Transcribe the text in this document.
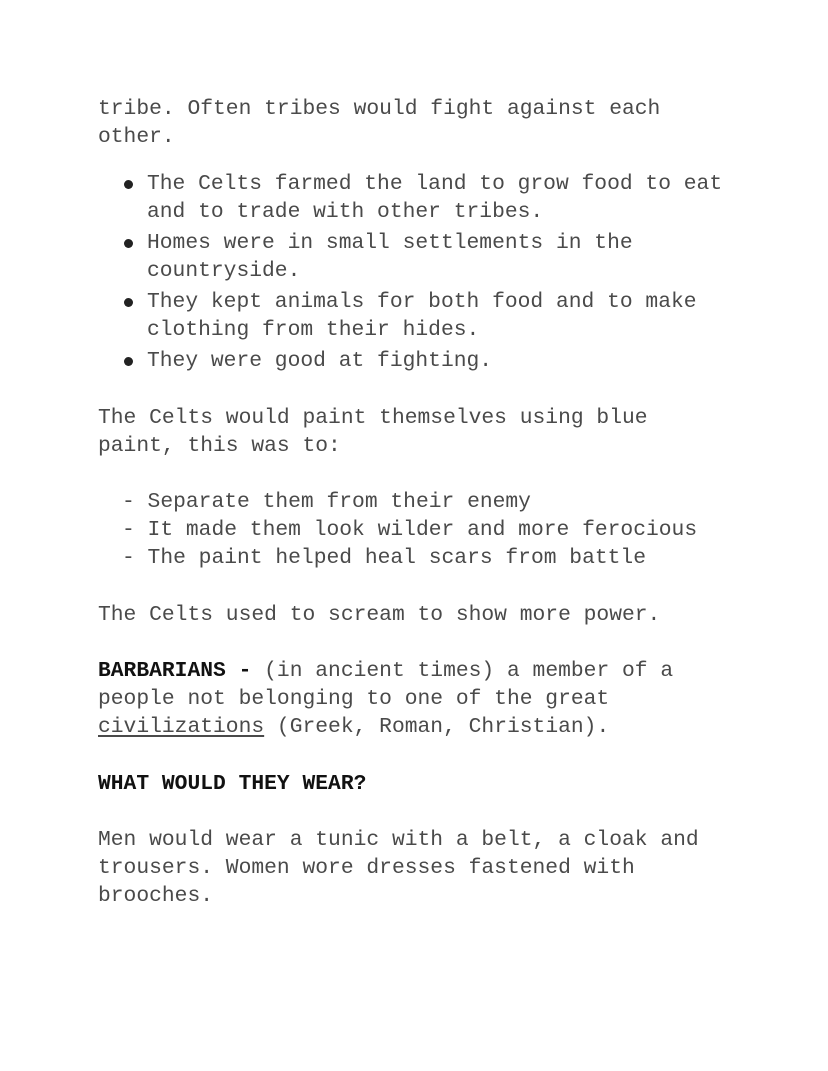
tribe. Often tribes would fight against each
other.
The Celts farmed the land to grow food to eat
and to trade with other tribes.
Homes were in small settlements in the
countryside.
They kept animals for both food and to make
clothing from their hides.
They were good at fighting.
The Celts would paint themselves using blue
paint, this was to:
- Separate them from their enemy
- It made them look wilder and more ferocious
- The paint helped heal scars from battle
The Celts used to scream to show more power.
BARBARIANS - (in ancient times) a member of a
people not belonging to one of the great
civilizations (Greek, Roman, Christian).
WHAT WOULD THEY WEAR?
Men would wear a tunic with a belt, a cloak and
trousers. Women wore dresses fastened with
brooches.
